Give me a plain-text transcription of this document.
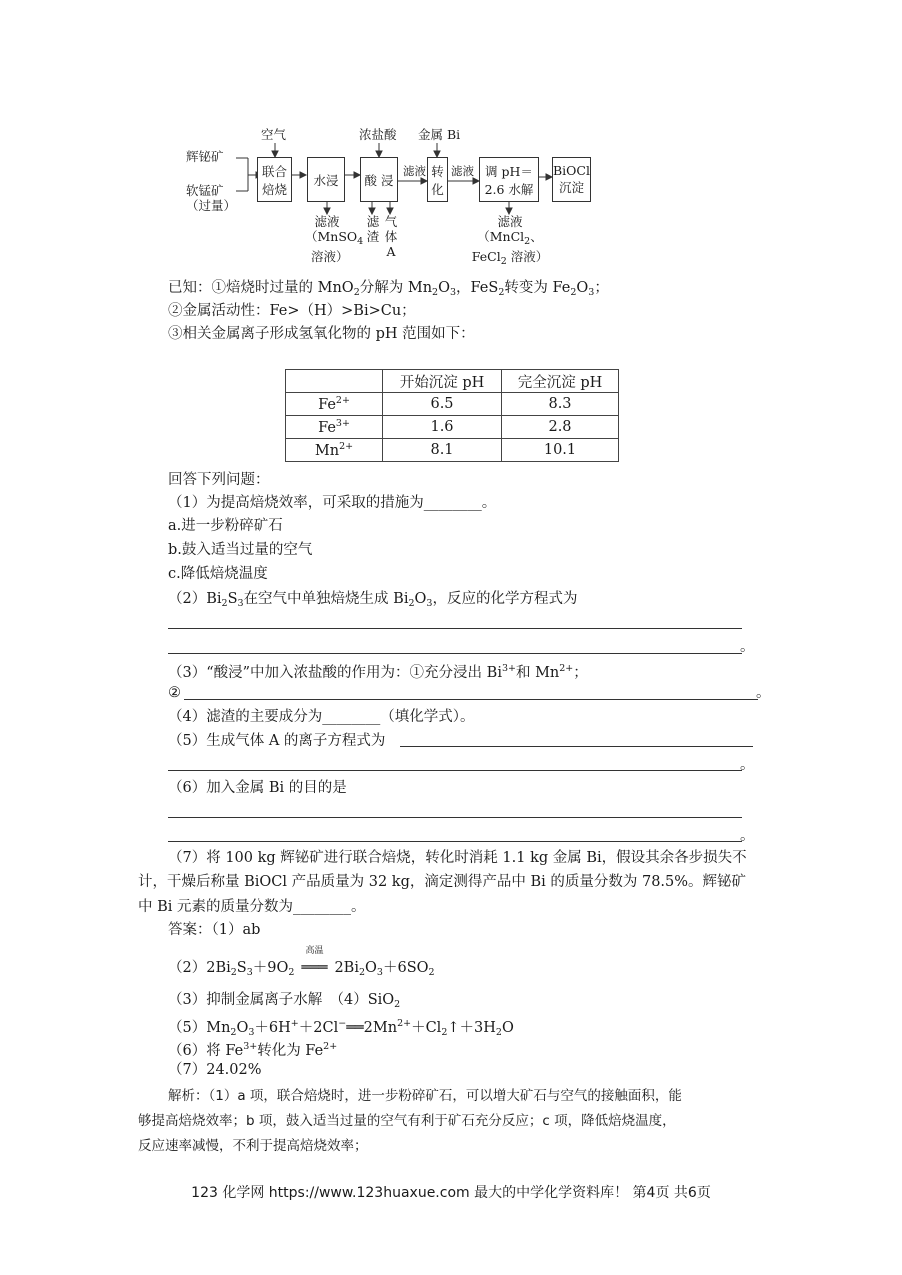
辉铋矿
软锰矿
（过量）
空气	浓盐酸 金属 Bi
联合
焙烧
水浸	酸 浸
转
化
调 pH＝
2.6 水解
BiOCl
沉淀
滤液 滤液
滤液
（MnSO$_4$
溶液）
滤
渣
气
体
A
滤液
（MnCl$_2$、
FeCl$_2$ 溶液）
已知：①焙烧时过量的 MnO$_2$分解为 $Mn_2O_3$，FeS$_2$转变为 $Fe_2O_3$；
②金属活动性：Fe>（H）>Bi>Cu；
③相关金属离子形成氢氧化物的 pH 范围如下：
	开始沉淀 pH	完全沉淀 pH
$Fe^{2+}$	6.5	8.3
$Fe^{3+}$	1.6	2.8
$Mn^{2+}$	8.1	10.1
回答下列问题：
（1）为提高焙烧效率，可采取的措施为________。
a.进一步粉碎矿石
b.鼓入适当过量的空气
c.降低焙烧温度
$(2)Bi_2S_3$在空气中单独焙烧生成 $Bi_2O_3$，反应的化学方程式为
。
（3）“酸浸”中加入浓盐酸的作用为：①充分浸出 $Bi^{3+}$和 $Mn^{2+}$；
②	。
（4）滤渣的主要成分为________（填化学式）。
（5）生成气体 A 的离子方程式为
。
（6）加入金属 Bi 的目的是
。
（7）将 100 kg 辉铋矿进行联合焙烧，转化时消耗 1.1 kg 金属 Bi，假设其余各步损失不
计，干燥后称量 BiOCl 产品质量为 32 kg，滴定测得产品中 Bi 的质量分数为 78.5%。辉铋矿
中 Bi 元素的质量分数为________。
答案：（1）ab
$(2)2Bi_2S_3+9O_2$
高温
═══ $2Bi_2O_3+6SO_2$
（3）抑制金属离子水解　（4）SiO$_2$
$(5)Mn_2O_3+6H^++2Cl^-══2Mn^{2+}+Cl_2↑+3H_2O$
（6）将 $Fe^{3+}$转化为 $Fe^{2+}$
（7）24.02%
解析：（1）a 项，联合焙烧时，进一步粉碎矿石，可以增大矿石与空气的接触面积，能
够提高焙烧效率；b 项，鼓入适当过量的空气有利于矿石充分反应；c 项，降低焙烧温度，
反应速率减慢，不利于提高焙烧效率；
123 化学网 https://www.123huaxue.com 最大的中学化学资料库！ 第4页 共6页
